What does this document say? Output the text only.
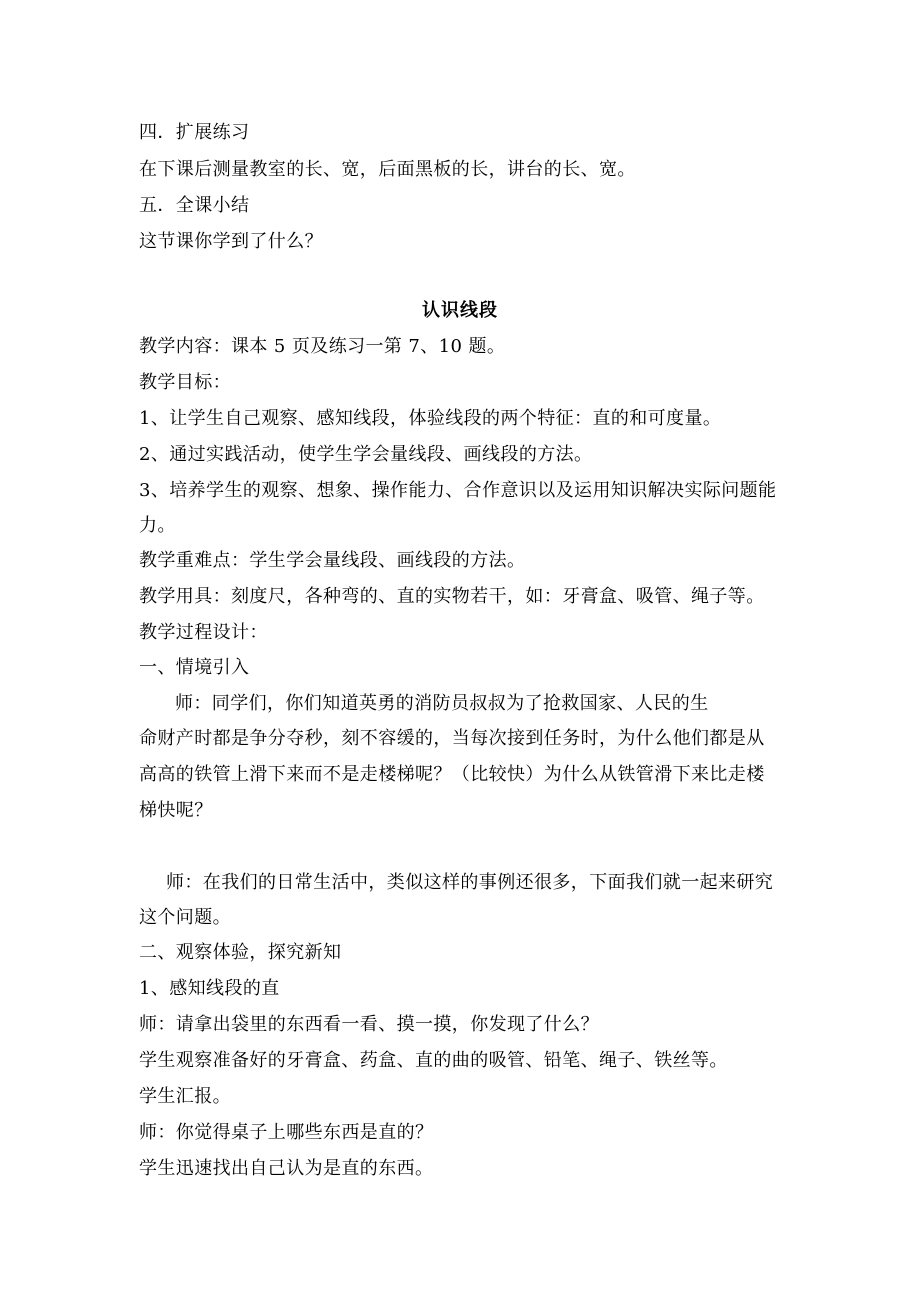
四．扩展练习
在下课后测量教室的长、宽，后面黑板的长，讲台的长、宽。
五．全课小结
这节课你学到了什么？
认识线段
教学内容：课本 5 页及练习一第 7、10 题。
教学目标：
1、让学生自己观察、感知线段，体验线段的两个特征：直的和可度量。
2、通过实践活动，使学生学会量线段、画线段的方法。
3、培养学生的观察、想象、操作能力、合作意识以及运用知识解决实际问题能
力。
教学重难点：学生学会量线段、画线段的方法。
教学用具：刻度尺，各种弯的、直的实物若干，如：牙膏盒、吸管、绳子等。
教学过程设计：
一、情境引入
师：同学们，你们知道英勇的消防员叔叔为了抢救国家、人民的生
命财产时都是争分夺秒，刻不容缓的，当每次接到任务时，为什么他们都是从
高高的铁管上滑下来而不是走楼梯呢？（比较快）为什么从铁管滑下来比走楼
梯快呢？
师：在我们的日常生活中，类似这样的事例还很多，下面我们就一起来研究
这个问题。
二、观察体验，探究新知
1、感知线段的直
师：请拿出袋里的东西看一看、摸一摸，你发现了什么？
学生观察准备好的牙膏盒、药盒、直的曲的吸管、铅笔、绳子、铁丝等。
学生汇报。
师：你觉得桌子上哪些东西是直的？
学生迅速找出自己认为是直的东西。
